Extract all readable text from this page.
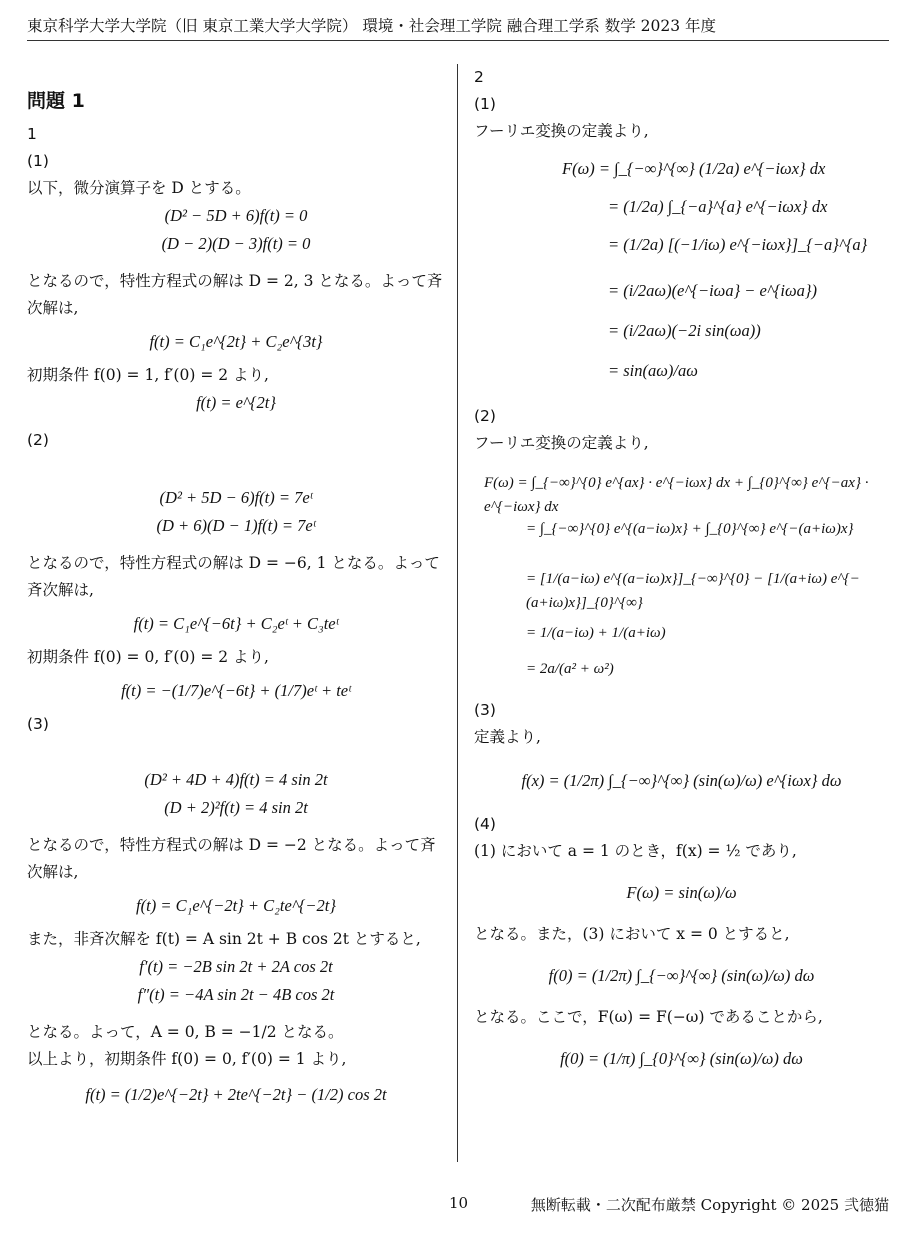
東京科学大学大学院（旧 東京工業大学大学院） 環境・社会理工学院 融合理工学系 数学 2023 年度
問題 1
1
(1)
以下，微分演算子を D とする。
(D² − 5D + 6)f(t) = 0
(D − 2)(D − 3)f(t) = 0
となるので，特性方程式の解は D = 2, 3 となる。よって斉次解は,
f(t) = C₁e^{2t} + C₂e^{3t}
初期条件 f(0) = 1, f′(0) = 2 より,
f(t) = e^{2t}
(2)
(D² + 5D − 6)f(t) = 7eᵗ
(D + 6)(D − 1)f(t) = 7eᵗ
となるので，特性方程式の解は D = −6, 1 となる。よって斉次解は,
f(t) = C₁e^{−6t} + C₂eᵗ + C₃teᵗ
初期条件 f(0) = 0, f′(0) = 2 より,
f(t) = −(1/7)e^{−6t} + (1/7)eᵗ + teᵗ
(3)
(D² + 4D + 4)f(t) = 4 sin 2t
(D + 2)²f(t) = 4 sin 2t
となるので，特性方程式の解は D = −2 となる。よって斉次解は,
f(t) = C₁e^{−2t} + C₂te^{−2t}
また，非斉次解を f(t) = A sin 2t + B cos 2t とすると,
f′(t) = −2B sin 2t + 2A cos 2t
f″(t) = −4A sin 2t − 4B cos 2t
となる。よって，A = 0, B = −1/2 となる。
以上より，初期条件 f(0) = 0, f′(0) = 1 より,
f(t) = (1/2)e^{−2t} + 2te^{−2t} − (1/2) cos 2t
2
(1)
フーリエ変換の定義より,
F(ω) = ∫_{−∞}^{∞} (1/2a) e^{−iωx} dx
= (1/2a) ∫_{−a}^{a} e^{−iωx} dx
= (1/2a) [(−1/iω) e^{−iωx}]_{−a}^{a}
= (i/2aω)(e^{−iωa} − e^{iωa})
= (i/2aω)(−2i sin(ωa))
= sin(aω)/aω
(2)
フーリエ変換の定義より,
F(ω) = ∫_{−∞}^{0} e^{ax} · e^{−iωx} dx + ∫_{0}^{∞} e^{−ax} · e^{−iωx} dx
= ∫_{−∞}^{0} e^{(a−iω)x} + ∫_{0}^{∞} e^{−(a+iω)x}
= [1/(a−iω) e^{(a−iω)x}]_{−∞}^{0} − [1/(a+iω) e^{−(a+iω)x}]_{0}^{∞}
= 1/(a−iω) + 1/(a+iω)
= 2a/(a² + ω²)
(3)
定義より,
f(x) = (1/2π) ∫_{−∞}^{∞} (sin(ω)/ω) e^{iωx} dω
(4)
(1) において a = 1 のとき，f(x) = ½ であり,
F(ω) = sin(ω)/ω
となる。また，(3) において x = 0 とすると,
f(0) = (1/2π) ∫_{−∞}^{∞} (sin(ω)/ω) dω
となる。ここで，F(ω) = F(−ω) であることから,
f(0) = (1/π) ∫_{0}^{∞} (sin(ω)/ω) dω
10	無断転載・二次配布厳禁 Copyright © 2025 弐徳猫
